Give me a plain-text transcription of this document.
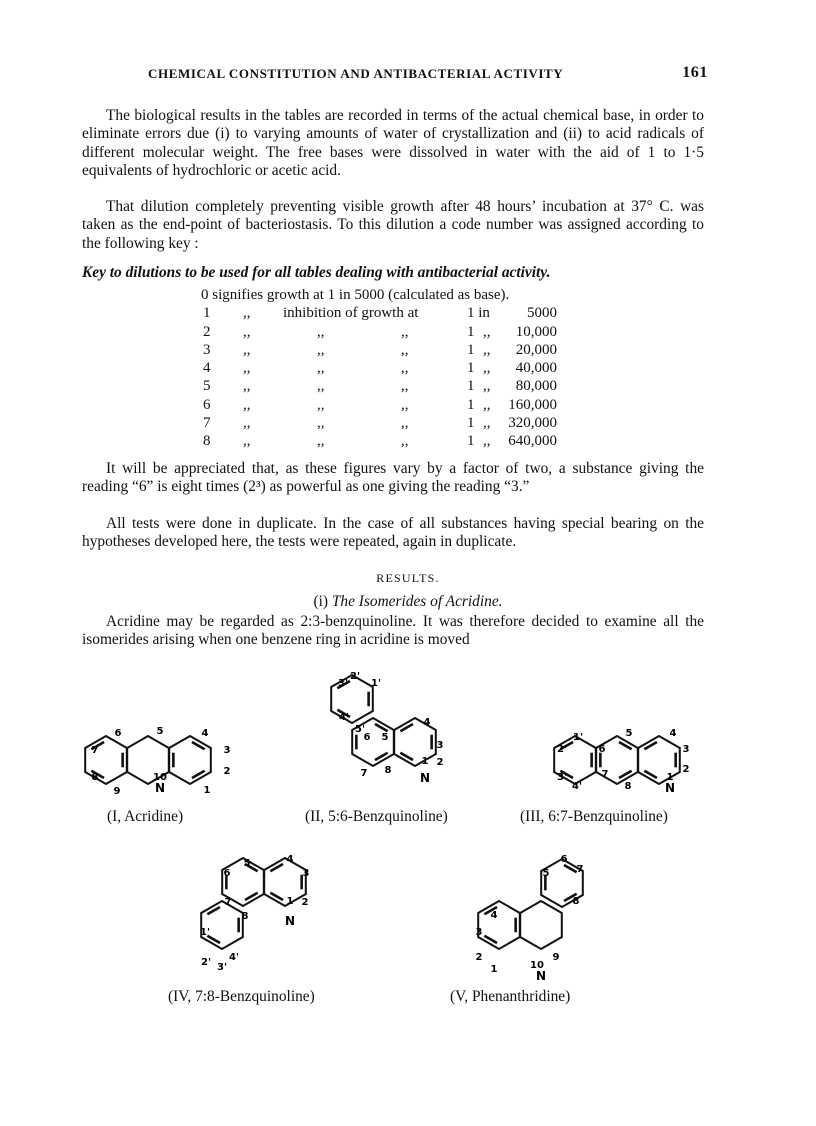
CHEMICAL CONSTITUTION AND ANTIBACTERIAL ACTIVITY	161

The biological results in the tables are recorded in terms of the actual chemical base, in order to eliminate errors due (i) to varying amounts of water of crystallization and (ii) to acid radicals of different molecular weight. The free bases were dissolved in water with the aid of 1 to 1·5 equivalents of hydrochloric or acetic acid.

That dilution completely preventing visible growth after 48 hours’ incubation at 37° C. was taken as the end-point of bacteriostasis. To this dilution a code number was assigned according to the following key :

Key to dilutions to be used for all tables dealing with antibacterial activity.
0 signifies growth at 1 in 5000 (calculated as base).
1 ,, inhibition of growth at	1 in 5000
2 ,,	,,	,,	1 ,, 10,000
3 ,,	,,	,,	1 ,, 20,000
4 ,,	,,	,,	1 ,, 40,000
5 ,,	,,	,,	1 ,, 80,000
6 ,,	,,	,,	1 ,, 160,000
7 ,,	,,	,,	1 ,, 320,000
8 ,,	,,	,,	1 ,, 640,000

It will be appreciated that, as these figures vary by a factor of two, a substance giving the reading “6” is eight times (2³) as powerful as one giving the reading “3.”

All tests were done in duplicate. In the case of all substances having special bearing on the hypotheses developed here, the tests were repeated, again in duplicate.

RESULTS.
(i) The Isomerides of Acridine.

Acridine may be regarded as 2:3-benzquinoline. It was therefore decided to examine all the isomerides arising when one benzene ring in acridine is moved

6	5	4
7	3
8
2
9	1
10
N
2'
3' 1'
4'
5'
6 5
4
3
7 8
1 2
N
1'
2'
3'
4'
6
5	4
3
7
8
1
2
N
6
5	4
3
7
8
1 2
1'
2' 3'
4'
N
6
7
5
8
4
3
2
1	10
9
N
(I, Acridine)	(II, 5:6-Benzquinoline)	(III, 6:7-Benzquinoline)
(IV, 7:8-Benzquinoline)	(V, Phenanthridine)
